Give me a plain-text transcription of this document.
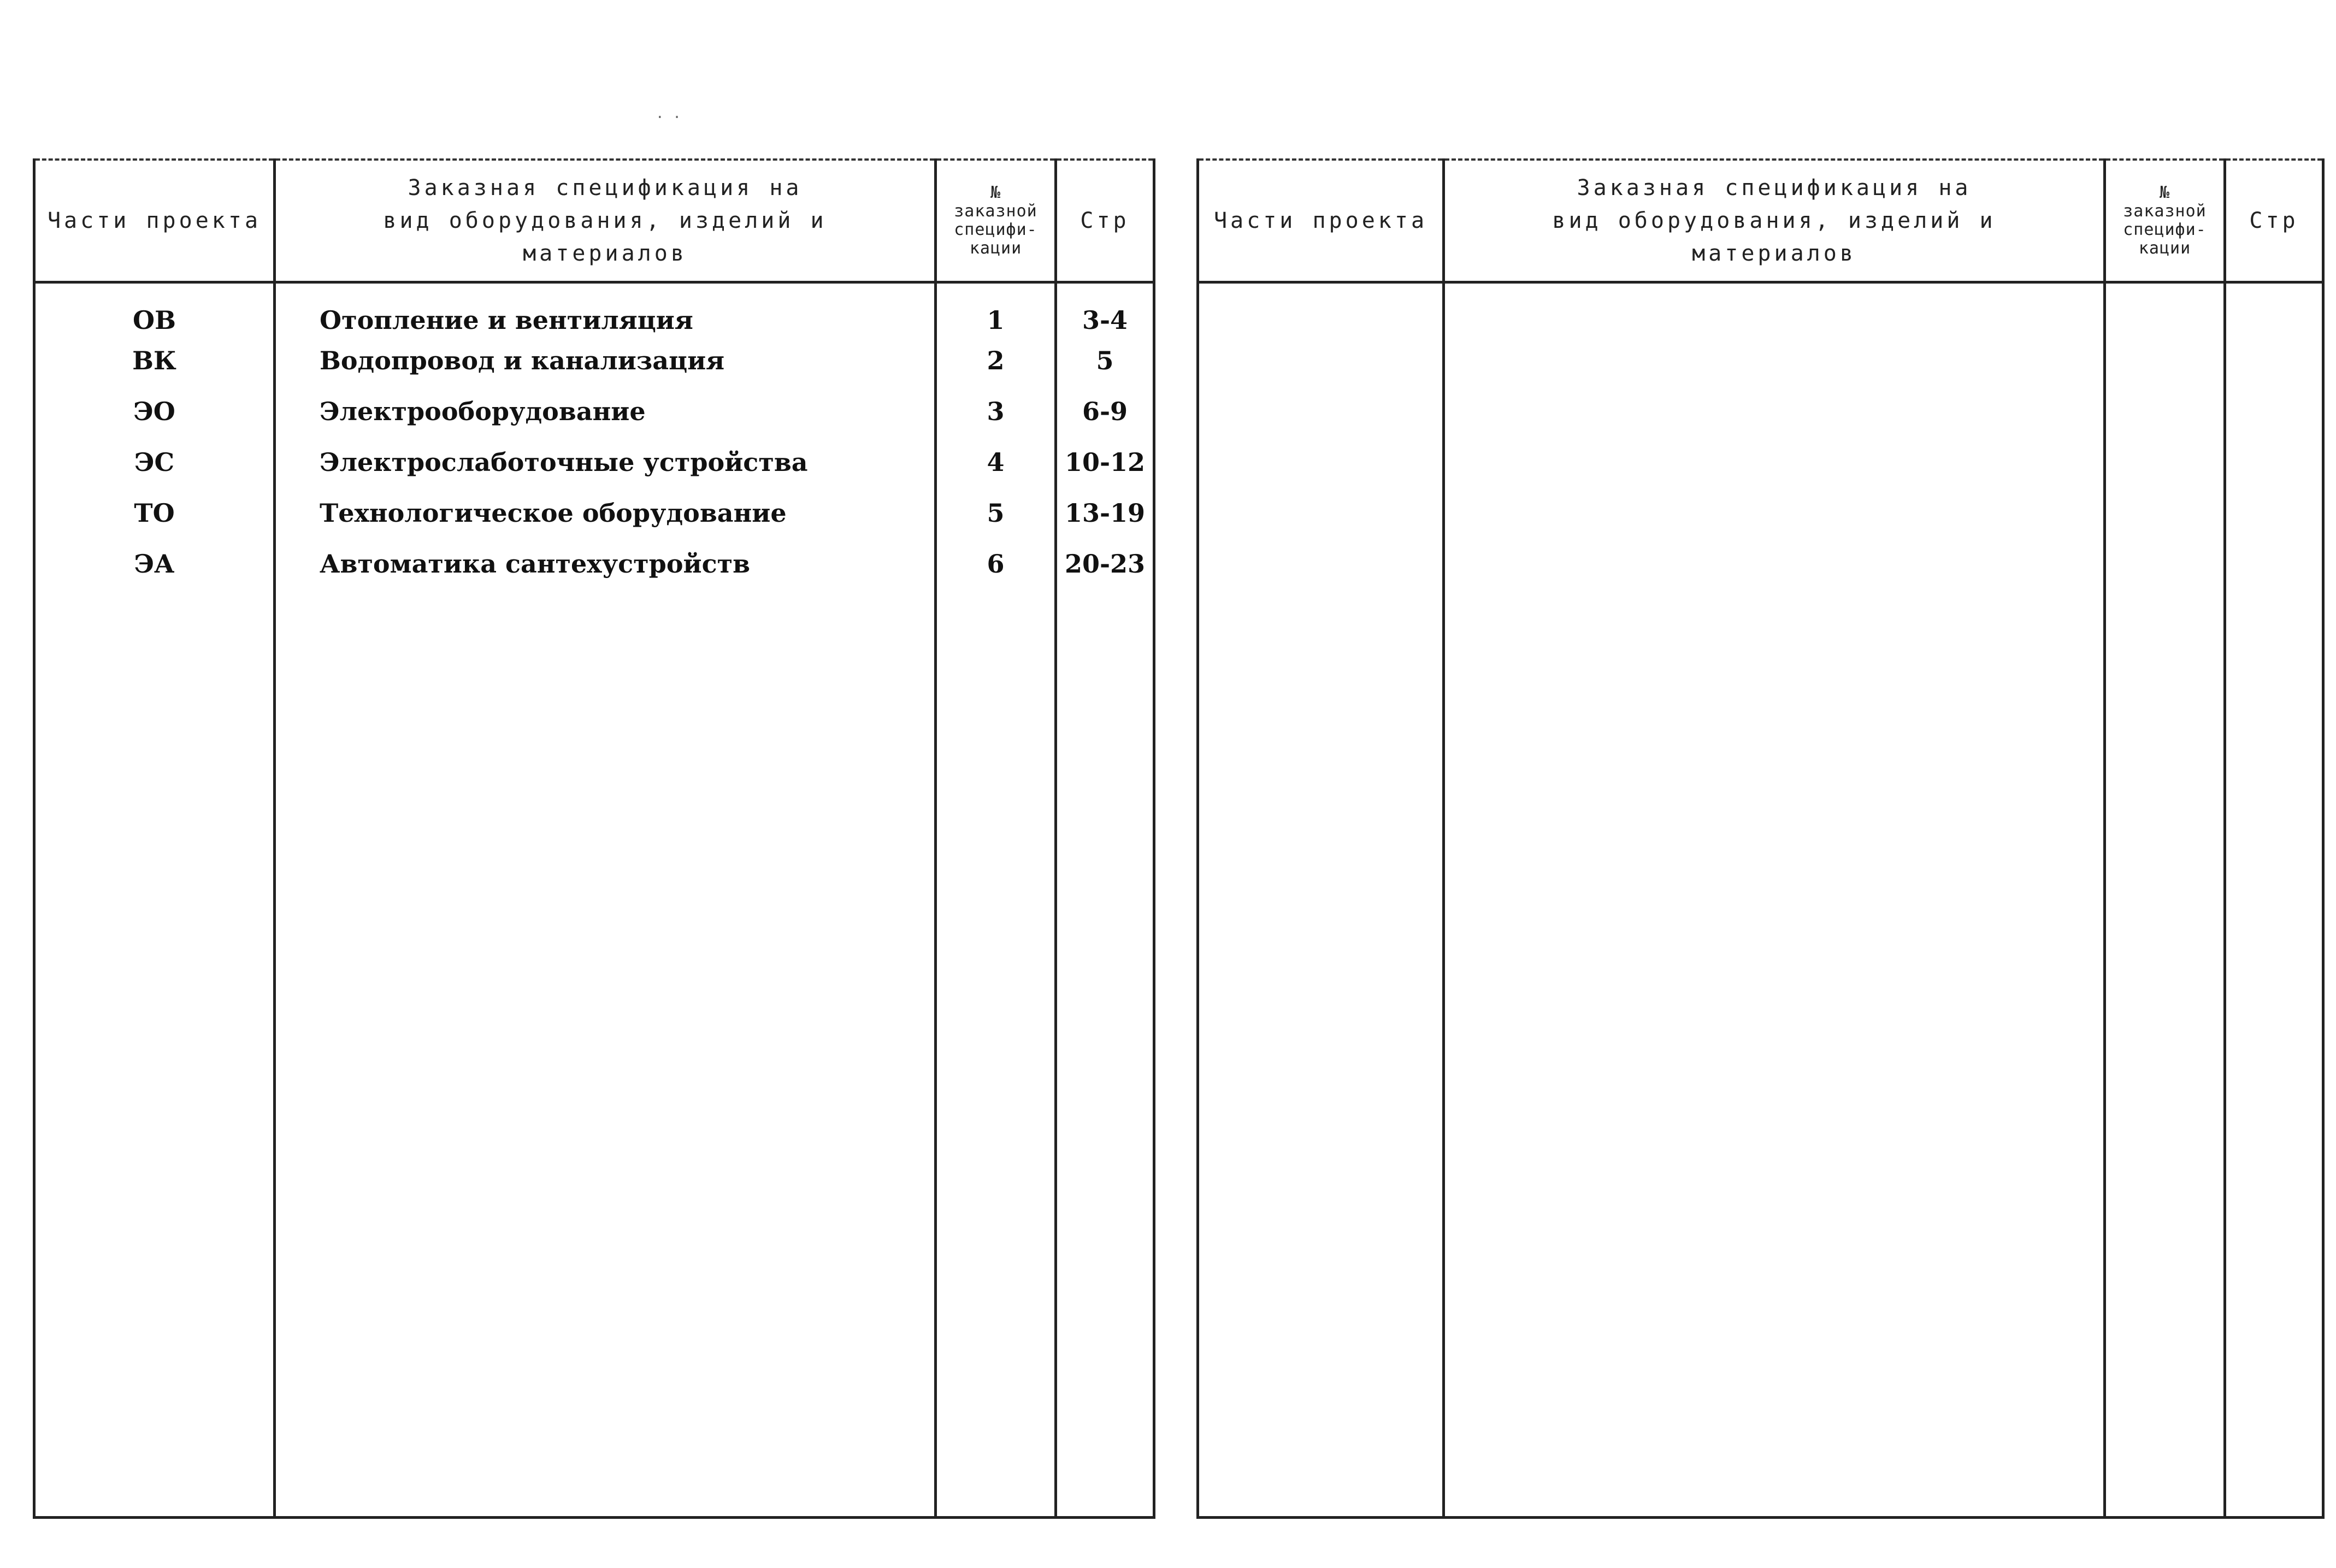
· ·
Части проекта	Заказная спецификация на
вид оборудования, изделий и
материалов	№
заказной
специфи-
кации	Стр
ОВ	Отопление и вентиляция	1	3-4
ВК	Водопровод и канализация	2	5
ЭО	Электрооборудование	3	6-9
ЭС	Электрослаботочные устройства	4	10-12
ТО	Технологическое оборудование	5	13-19
ЭА	Автоматика сантехустройств	6	20-23

Части проекта	Заказная спецификация на
вид оборудования, изделий и
материалов	№
заказной
специфи-
кации	Стр
